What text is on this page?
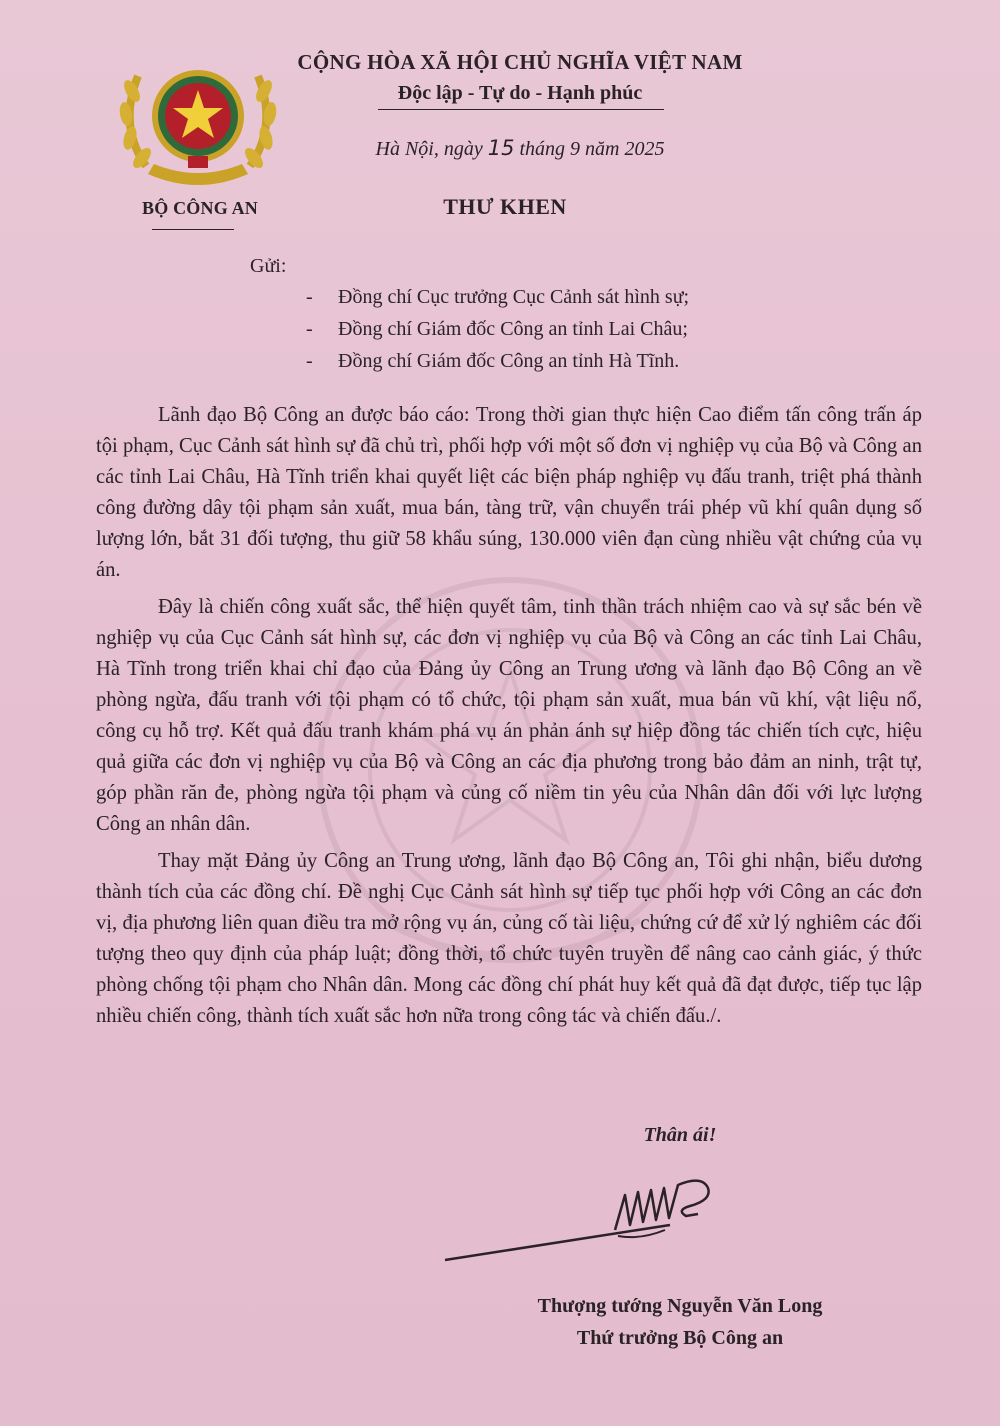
BỘ CÔNG AN
CỘNG HÒA XÃ HỘI CHỦ NGHĨA VIỆT NAM
Độc lập - Tự do - Hạnh phúc
Hà Nội, ngày 15 tháng 9 năm 2025
THƯ KHEN
Gửi:
- Đồng chí Cục trưởng Cục Cảnh sát hình sự;
- Đồng chí Giám đốc Công an tỉnh Lai Châu;
- Đồng chí Giám đốc Công an tỉnh Hà Tĩnh.

Lãnh đạo Bộ Công an được báo cáo: Trong thời gian thực hiện Cao điểm tấn công trấn áp tội phạm, Cục Cảnh sát hình sự đã chủ trì, phối hợp với một số đơn vị nghiệp vụ của Bộ và Công an các tỉnh Lai Châu, Hà Tĩnh triển khai quyết liệt các biện pháp nghiệp vụ đấu tranh, triệt phá thành công đường dây tội phạm sản xuất, mua bán, tàng trữ, vận chuyển trái phép vũ khí quân dụng số lượng lớn, bắt 31 đối tượng, thu giữ 58 khẩu súng, 130.000 viên đạn cùng nhiều vật chứng của vụ án.

Đây là chiến công xuất sắc, thể hiện quyết tâm, tinh thần trách nhiệm cao và sự sắc bén về nghiệp vụ của Cục Cảnh sát hình sự, các đơn vị nghiệp vụ của Bộ và Công an các tỉnh Lai Châu, Hà Tĩnh trong triển khai chỉ đạo của Đảng ủy Công an Trung ương và lãnh đạo Bộ Công an về phòng ngừa, đấu tranh với tội phạm có tổ chức, tội phạm sản xuất, mua bán vũ khí, vật liệu nổ, công cụ hỗ trợ. Kết quả đấu tranh khám phá vụ án phản ánh sự hiệp đồng tác chiến tích cực, hiệu quả giữa các đơn vị nghiệp vụ của Bộ và Công an các địa phương trong bảo đảm an ninh, trật tự, góp phần răn đe, phòng ngừa tội phạm và củng cố niềm tin yêu của Nhân dân đối với lực lượng Công an nhân dân.

Thay mặt Đảng ủy Công an Trung ương, lãnh đạo Bộ Công an, Tôi ghi nhận, biểu dương thành tích của các đồng chí. Đề nghị Cục Cảnh sát hình sự tiếp tục phối hợp với Công an các đơn vị, địa phương liên quan điều tra mở rộng vụ án, củng cố tài liệu, chứng cứ để xử lý nghiêm các đối tượng theo quy định của pháp luật; đồng thời, tổ chức tuyên truyền để nâng cao cảnh giác, ý thức phòng chống tội phạm cho Nhân dân. Mong các đồng chí phát huy kết quả đã đạt được, tiếp tục lập nhiều chiến công, thành tích xuất sắc hơn nữa trong công tác và chiến đấu./.

Thân ái!
Thượng tướng Nguyễn Văn Long
Thứ trưởng Bộ Công an
